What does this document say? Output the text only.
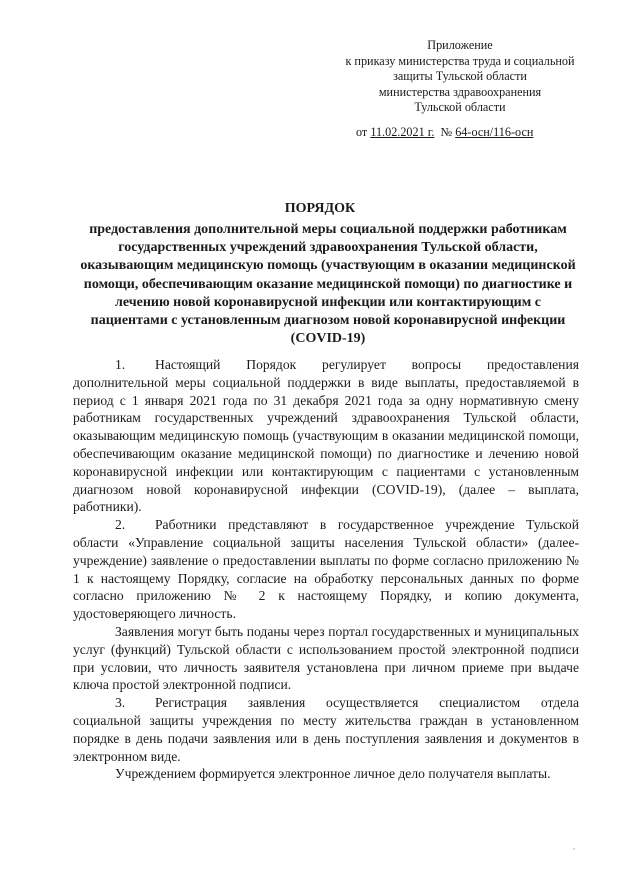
Приложение
к приказу министерства труда и социальной
защиты Тульской области
министерства здравоохранения
Тульской области
от 11.02.2021 г. № 64-осн/116-осн
ПОРЯДОК
предоставления дополнительной меры социальной поддержки работникам государственных учреждений здравоохранения Тульской области, оказывающим медицинскую помощь (участвующим в оказании медицинской помощи, обеспечивающим оказание медицинской помощи) по диагностике и лечению новой коронавирусной инфекции или контактирующим с пациентами с установленным диагнозом новой коронавирусной инфекции (COVID-19)

1. Настоящий Порядок регулирует вопросы предоставления дополнительной меры социальной поддержки в виде выплаты, предоставляемой в период с 1 января 2021 года по 31 декабря 2021 года за одну нормативную смену работникам государственных учреждений здравоохранения Тульской области, оказывающим медицинскую помощь (участвующим в оказании медицинской помощи, обеспечивающим оказание медицинской помощи) по диагностике и лечению новой коронавирусной инфекции или контактирующим с пациентами с установленным диагнозом новой коронавирусной инфекции (COVID-19), (далее – выплата, работники).

2. Работники представляют в государственное учреждение Тульской области «Управление социальной защиты населения Тульской области» (далее-учреждение) заявление о предоставлении выплаты по форме согласно приложению № 1 к настоящему Порядку, согласие на обработку персональных данных по форме согласно приложению № 2 к настоящему Порядку, и копию документа, удостоверяющего личность.

Заявления могут быть поданы через портал государственных и муниципальных услуг (функций) Тульской области с использованием простой электронной подписи при условии, что личность заявителя установлена при личном приеме при выдаче ключа простой электронной подписи.

3. Регистрация заявления осуществляется специалистом отдела социальной защиты учреждения по месту жительства граждан в установленном порядке в день подачи заявления или в день поступления заявления и документов в электронном виде.

Учреждением формируется электронное личное дело получателя выплаты.
